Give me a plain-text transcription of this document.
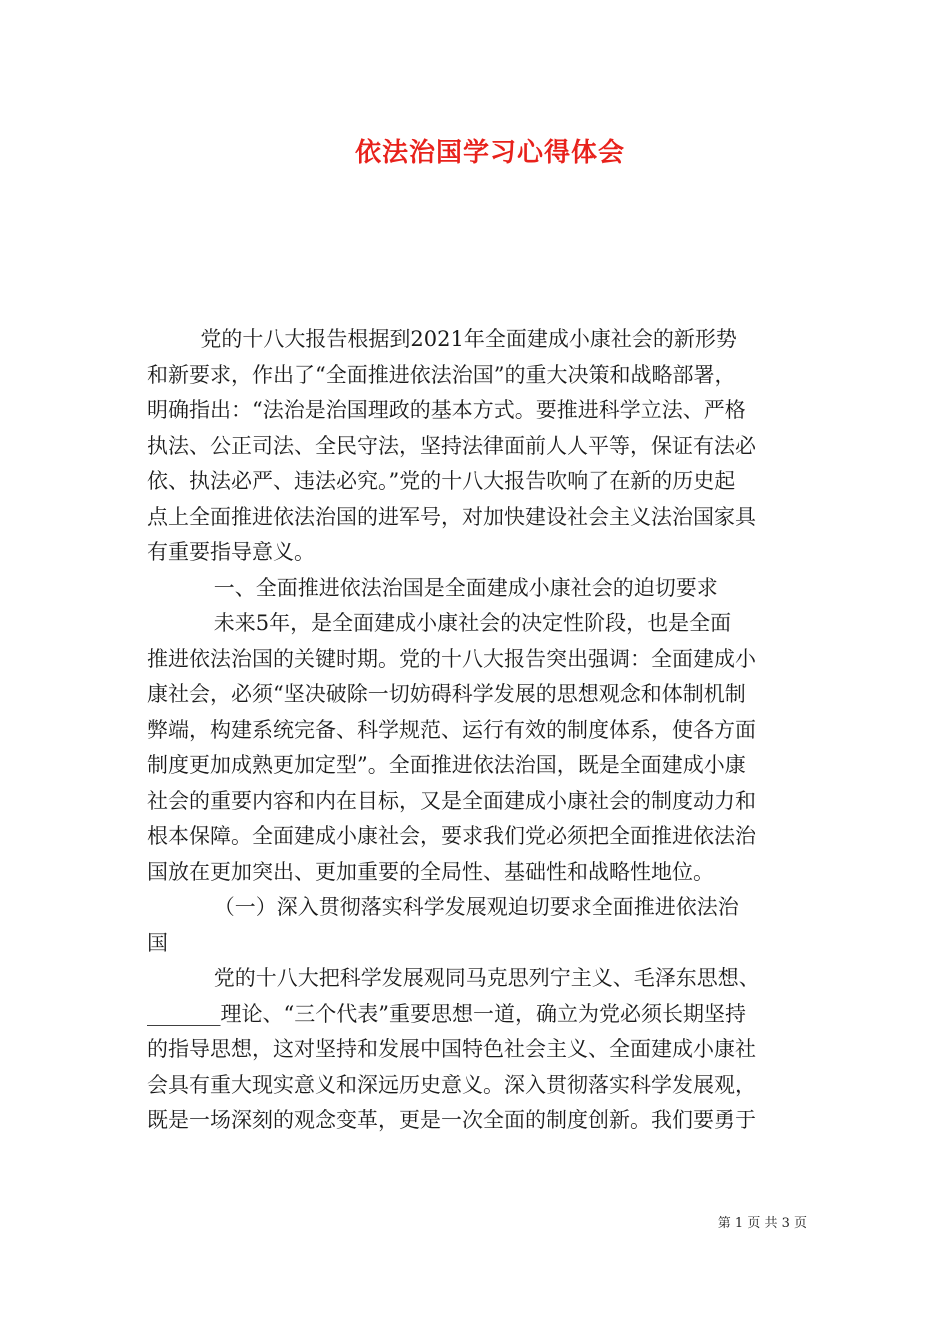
依法治国学习心得体会
党的十八大报告根据到2021年全面建成小康社会的新形势
和新要求，作出了“全面推进依法治国”的重大决策和战略部署，
明确指出：“法治是治国理政的基本方式。要推进科学立法、严格
执法、公正司法、全民守法，坚持法律面前人人平等，保证有法必
依、执法必严、违法必究。”党的十八大报告吹响了在新的历史起
点上全面推进依法治国的进军号，对加快建设社会主义法治国家具
有重要指导意义。
一、全面推进依法治国是全面建成小康社会的迫切要求
未来5年，是全面建成小康社会的决定性阶段，也是全面
推进依法治国的关键时期。党的十八大报告突出强调：全面建成小
康社会，必须“坚决破除一切妨碍科学发展的思想观念和体制机制
弊端，构建系统完备、科学规范、运行有效的制度体系，使各方面
制度更加成熟更加定型”。全面推进依法治国，既是全面建成小康
社会的重要内容和内在目标，又是全面建成小康社会的制度动力和
根本保障。全面建成小康社会，要求我们党必须把全面推进依法治
国放在更加突出、更加重要的全局性、基础性和战略性地位。
（一）深入贯彻落实科学发展观迫切要求全面推进依法治
国
党的十八大把科学发展观同马克思列宁主义、毛泽东思想、
_______理论、“三个代表”重要思想一道，确立为党必须长期坚持
的指导思想，这对坚持和发展中国特色社会主义、全面建成小康社
会具有重大现实意义和深远历史意义。深入贯彻落实科学发展观，
既是一场深刻的观念变革，更是一次全面的制度创新。我们要勇于
第 1 页 共 3 页
